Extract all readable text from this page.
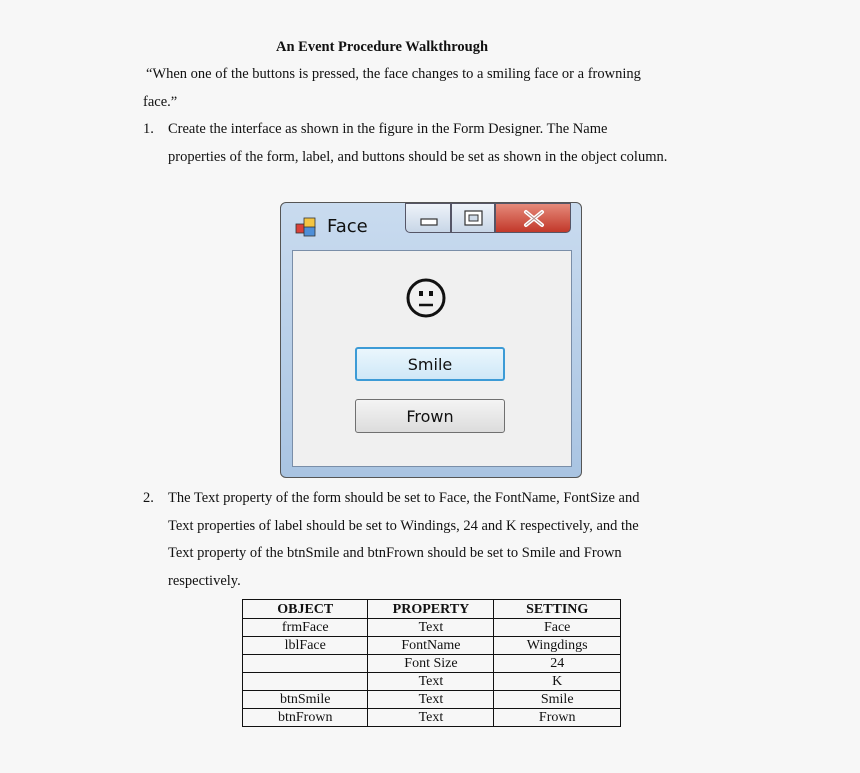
An Event Procedure Walkthrough
“When one of the buttons is pressed, the face changes to a smiling face or a frowning
face.”
1. Create the interface as shown in the figure in the Form Designer. The Name
properties of the form, label, and buttons should be set as shown in the object column.
Face
Smile
Frown
2. The Text property of the form should be set to Face, the FontName, FontSize and
Text properties of label should be set to Windings, 24 and K respectively, and the
Text property of the btnSmile and btnFrown should be set to Smile and Frown
respectively.
OBJECT	PROPERTY	SETTING
frmFace	Text	Face
lblFace	FontName	Wingdings
	Font Size	24
	Text	K
btnSmile	Text	Smile
btnFrown	Text	Frown
